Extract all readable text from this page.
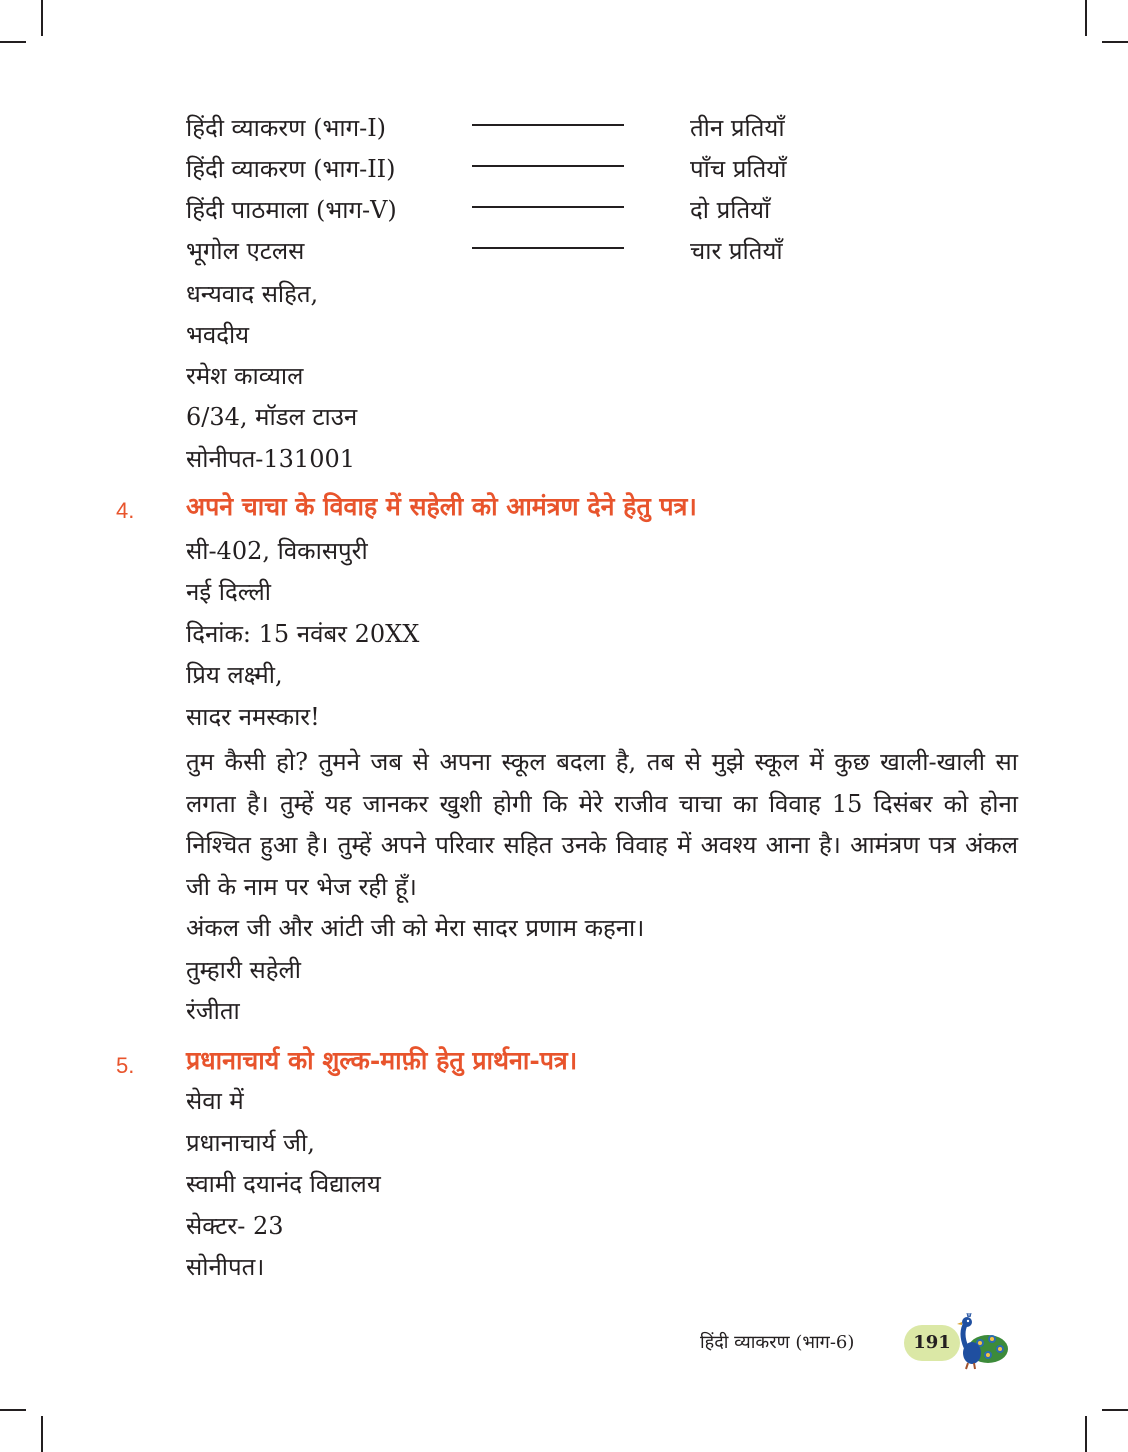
हिंदी व्याकरण (भाग-I)	तीन प्रतियाँ
हिंदी व्याकरण (भाग-II)	पाँच प्रतियाँ
हिंदी पाठमाला (भाग-V)	दो प्रतियाँ
भूगोल एटलस	चार प्रतियाँ
धन्यवाद सहित,
भवदीय
रमेश काव्याल
6/34, मॉडल टाउन
सोनीपत-131001
4. अपने चाचा के विवाह में सहेली को आमंत्रण देने हेतु पत्र।
सी-402, विकासपुरी
नई दिल्ली
दिनांक: 15 नवंबर 20XX
प्रिय लक्ष्मी,
सादर नमस्कार!
तुम कैसी हो? तुमने जब से अपना स्कूल बदला है, तब से मुझे स्कूल में कुछ खाली-खाली सा लगता है। तुम्हें यह जानकर खुशी होगी कि मेरे राजीव चाचा का विवाह 15 दिसंबर को होना निश्चित हुआ है। तुम्हें अपने परिवार सहित उनके विवाह में अवश्य आना है। आमंत्रण पत्र अंकल जी के नाम पर भेज रही हूँ।
अंकल जी और आंटी जी को मेरा सादर प्रणाम कहना।
तुम्हारी सहेली
रंजीता
5. प्रधानाचार्य को शुल्क-माफ़ी हेतु प्रार्थना-पत्र।
सेवा में
प्रधानाचार्य जी,
स्वामी दयानंद विद्यालय
सेक्टर- 23
सोनीपत।
हिंदी व्याकरण (भाग-6)	191
